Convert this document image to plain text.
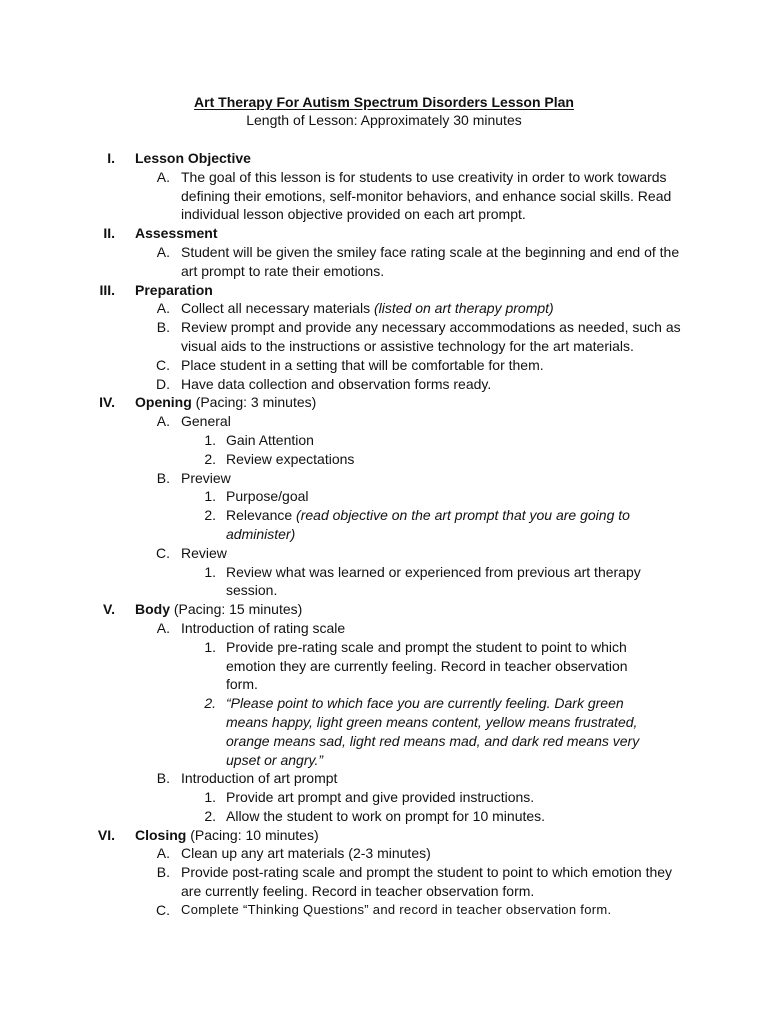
Art Therapy For Autism Spectrum Disorders Lesson Plan
Length of Lesson: Approximately 30 minutes
I. Lesson Objective
A. The goal of this lesson is for students to use creativity in order to work towards defining their emotions, self-monitor behaviors, and enhance social skills. Read individual lesson objective provided on each art prompt.
II. Assessment
A. Student will be given the smiley face rating scale at the beginning and end of the art prompt to rate their emotions.
III. Preparation
A. Collect all necessary materials (listed on art therapy prompt)
B. Review prompt and provide any necessary accommodations as needed, such as visual aids to the instructions or assistive technology for the art materials.
C. Place student in a setting that will be comfortable for them.
D. Have data collection and observation forms ready.
IV. Opening (Pacing: 3 minutes)
A. General
1. Gain Attention
2. Review expectations
B. Preview
1. Purpose/goal
2. Relevance (read objective on the art prompt that you are going to administer)
C. Review
1. Review what was learned or experienced from previous art therapy session.
V. Body (Pacing: 15 minutes)
A. Introduction of rating scale
1. Provide pre-rating scale and prompt the student to point to which emotion they are currently feeling. Record in teacher observation form.
2. “Please point to which face you are currently feeling. Dark green means happy, light green means content, yellow means frustrated, orange means sad, light red means mad, and dark red means very upset or angry.”
B. Introduction of art prompt
1. Provide art prompt and give provided instructions.
2. Allow the student to work on prompt for 10 minutes.
VI. Closing (Pacing: 10 minutes)
A. Clean up any art materials (2-3 minutes)
B. Provide post-rating scale and prompt the student to point to which emotion they are currently feeling. Record in teacher observation form.
C. Complete “Thinking Questions” and record in teacher observation form.
